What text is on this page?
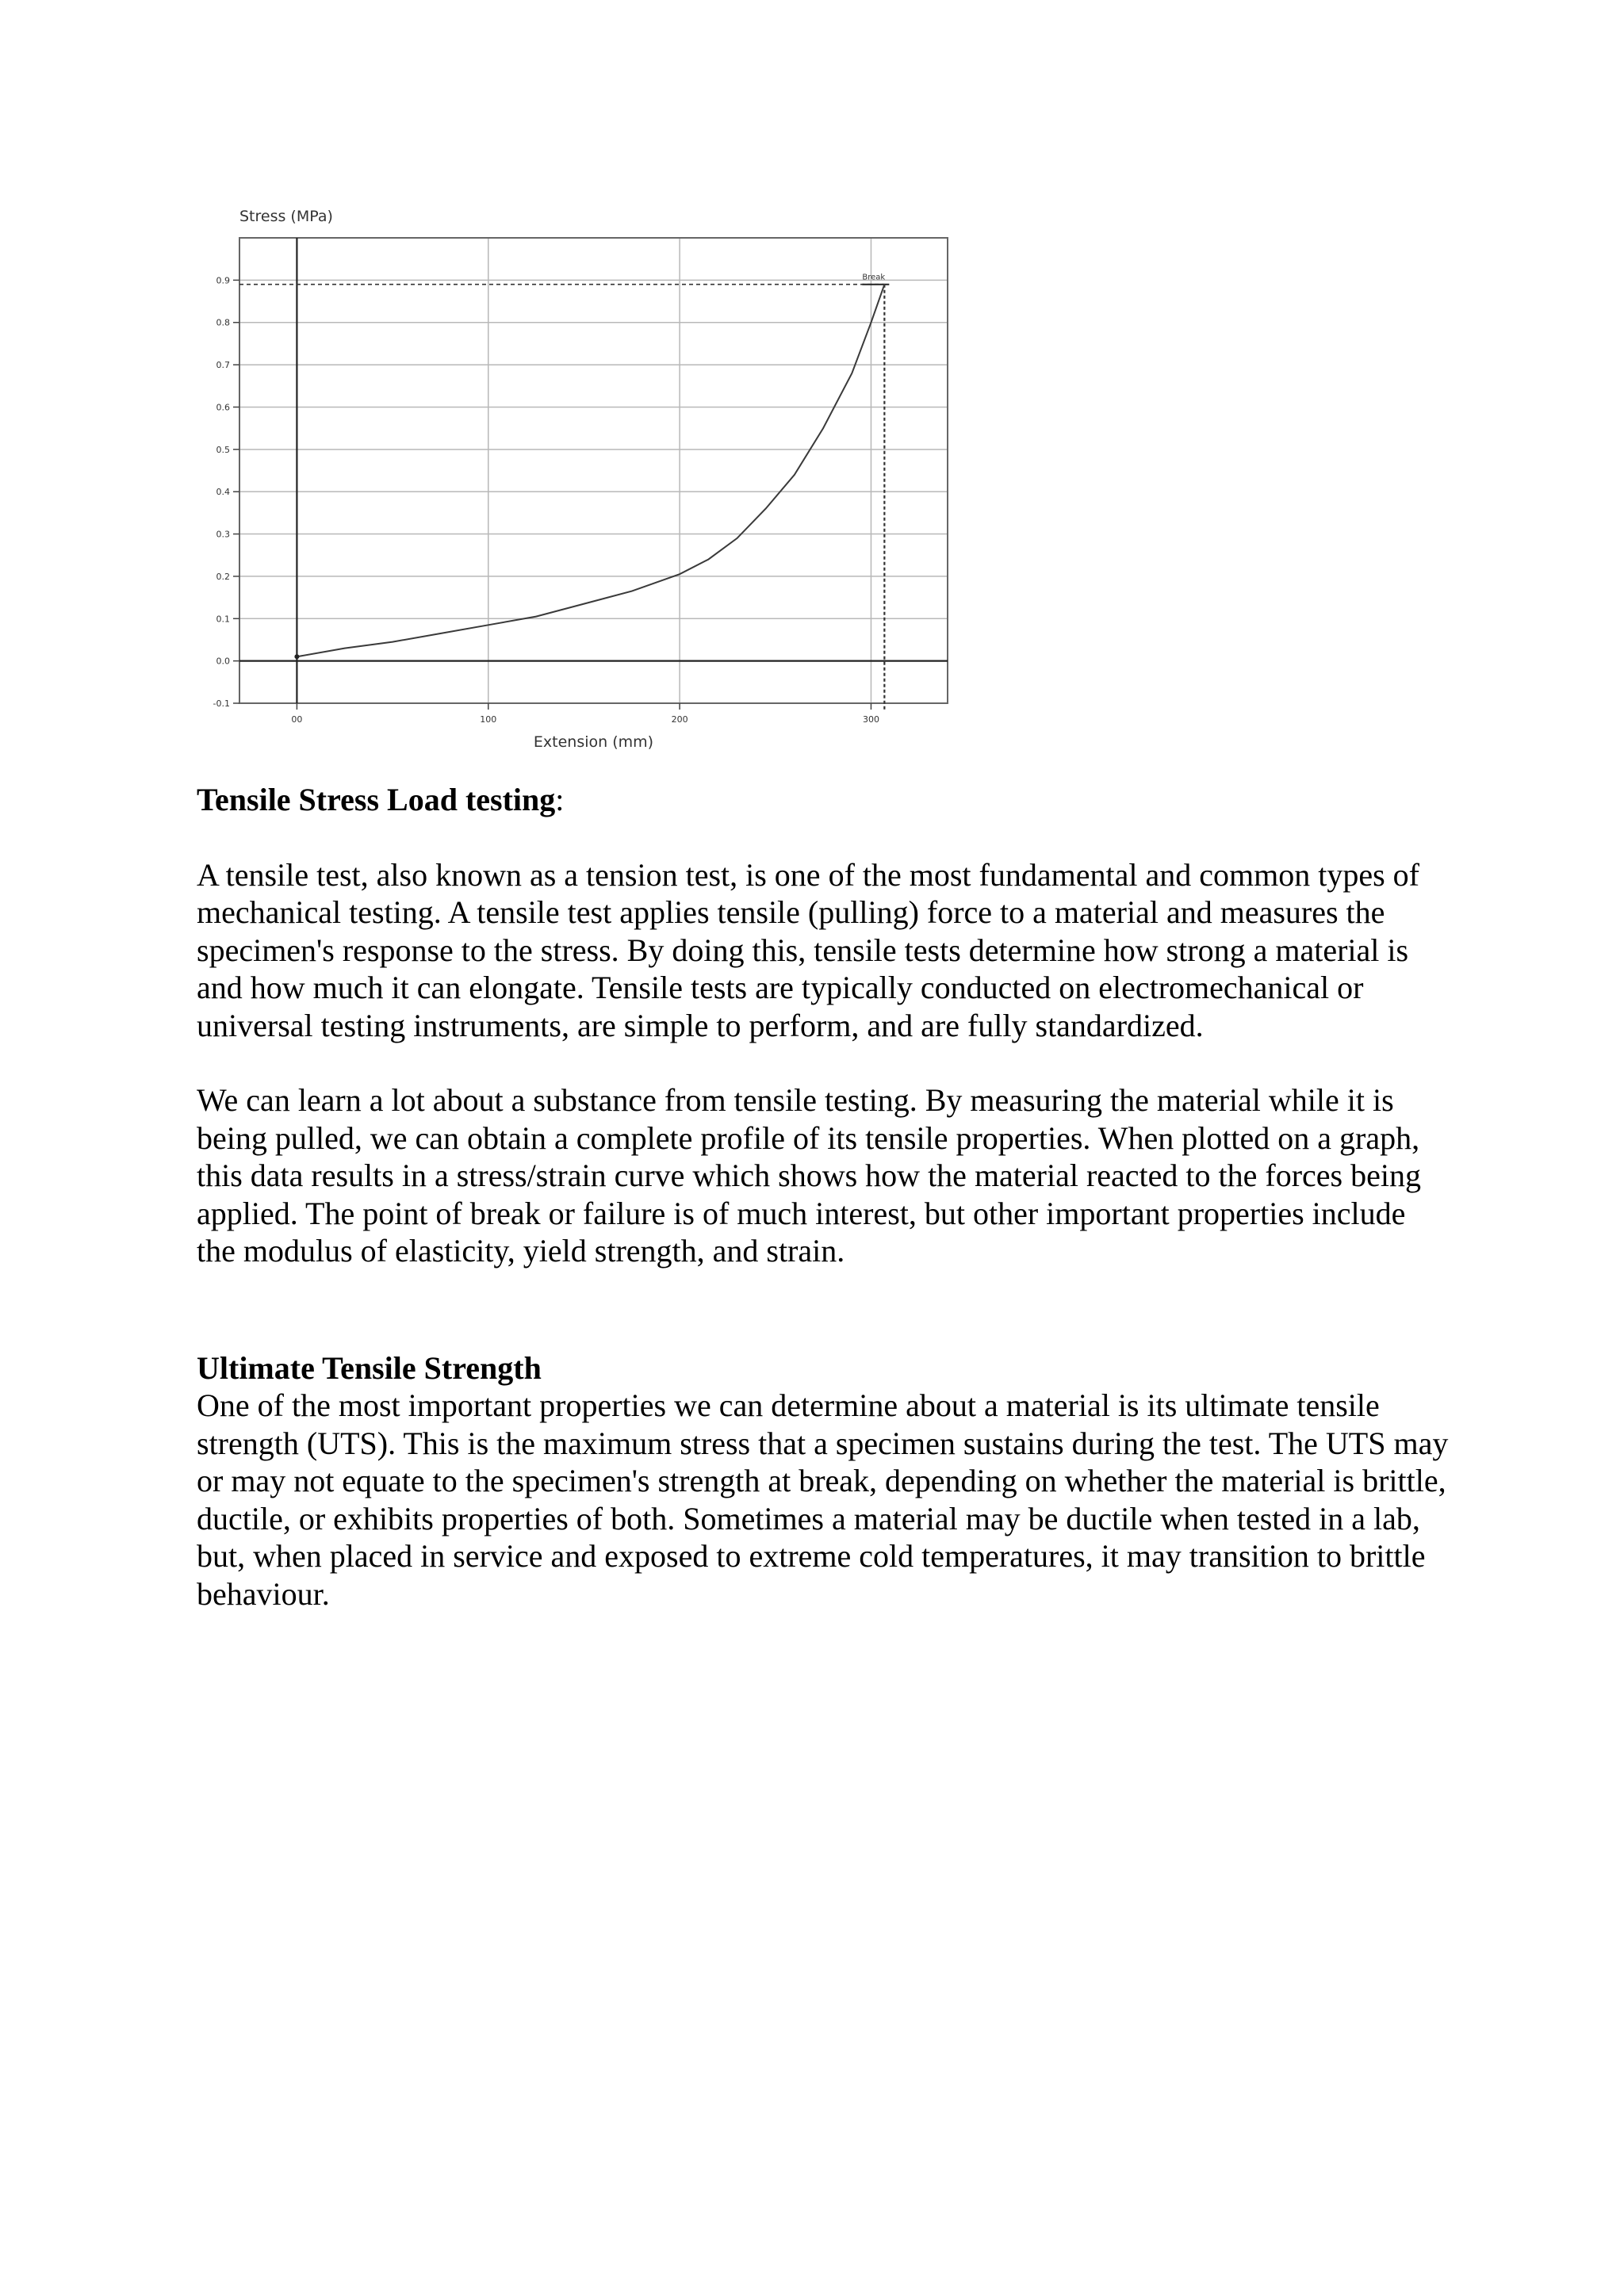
0.9
0.8
0.7
0.6
0.5
0.4
0.3
0.2
0.1
0.0
-0.1
00	100	200	300
Stress (MPa)
Extension (mm)
Break

Tensile Stress Load testing:

A tensile test, also known as a tension test, is one of the most fundamental and common types of mechanical testing. A tensile test applies tensile (pulling) force to a material and measures the specimen's response to the stress. By doing this, tensile tests determine how strong a material is and how much it can elongate. Tensile tests are typically conducted on electromechanical or universal testing instruments, are simple to perform, and are fully standardized.

We can learn a lot about a substance from tensile testing. By measuring the material while it is being pulled, we can obtain a complete profile of its tensile properties. When plotted on a graph, this data results in a stress/strain curve which shows how the material reacted to the forces being applied. The point of break or failure is of much interest, but other important properties include the modulus of elasticity, yield strength, and strain.

Ultimate Tensile Strength

One of the most important properties we can determine about a material is its ultimate tensile strength (UTS). This is the maximum stress that a specimen sustains during the test. The UTS may or may not equate to the specimen's strength at break, depending on whether the material is brittle, ductile, or exhibits properties of both. Sometimes a material may be ductile when tested in a lab, but, when placed in service and exposed to extreme cold temperatures, it may transition to brittle behaviour.
